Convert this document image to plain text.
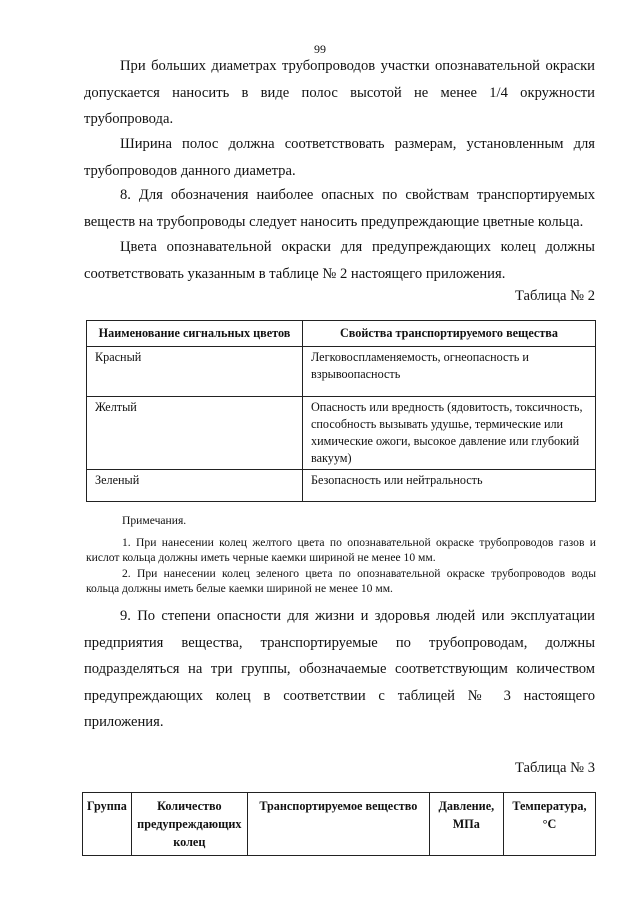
99
При больших диаметрах трубопроводов участки опознавательной окраски допускается наносить в виде полос высотой не менее 1/4 окружности трубопровода.
Ширина полос должна соответствовать размерам, установленным для трубопроводов данного диаметра.
8. Для обозначения наиболее опасных по свойствам транспортируемых веществ на трубопроводы следует наносить предупреждающие цветные кольца.
Цвета опознавательной окраски для предупреждающих колец должны соответствовать указанным в таблице № 2 настоящего приложения.
Таблица № 2
Наименование сигнальных цветов	Свойства транспортируемого вещества
Красный	Легковоспламеняемость, огнеопасность и взрывоопасность
Желтый	Опасность или вредность (ядовитость, токсичность, способность вызывать удушье, термические или химические ожоги, высокое давление или глубокий вакуум)
Зеленый	Безопасность или нейтральность
Примечания.
1. При нанесении колец желтого цвета по опознавательной окраске трубопроводов газов и кислот кольца должны иметь черные каемки шириной не менее 10 мм.
2. При нанесении колец зеленого цвета по опознавательной окраске трубопроводов воды кольца должны иметь белые каемки шириной не менее 10 мм.
9. По степени опасности для жизни и здоровья людей или эксплуатации предприятия вещества, транспортируемые по трубопроводам, должны подразделяться на три группы, обозначаемые соответствующим количеством предупреждающих колец в соответствии с таблицей № 3 настоящего приложения.
Таблица № 3
Группа	Количество предупреждающих колец	Транспортируемое вещество	Давление, МПа	Температура, °С
